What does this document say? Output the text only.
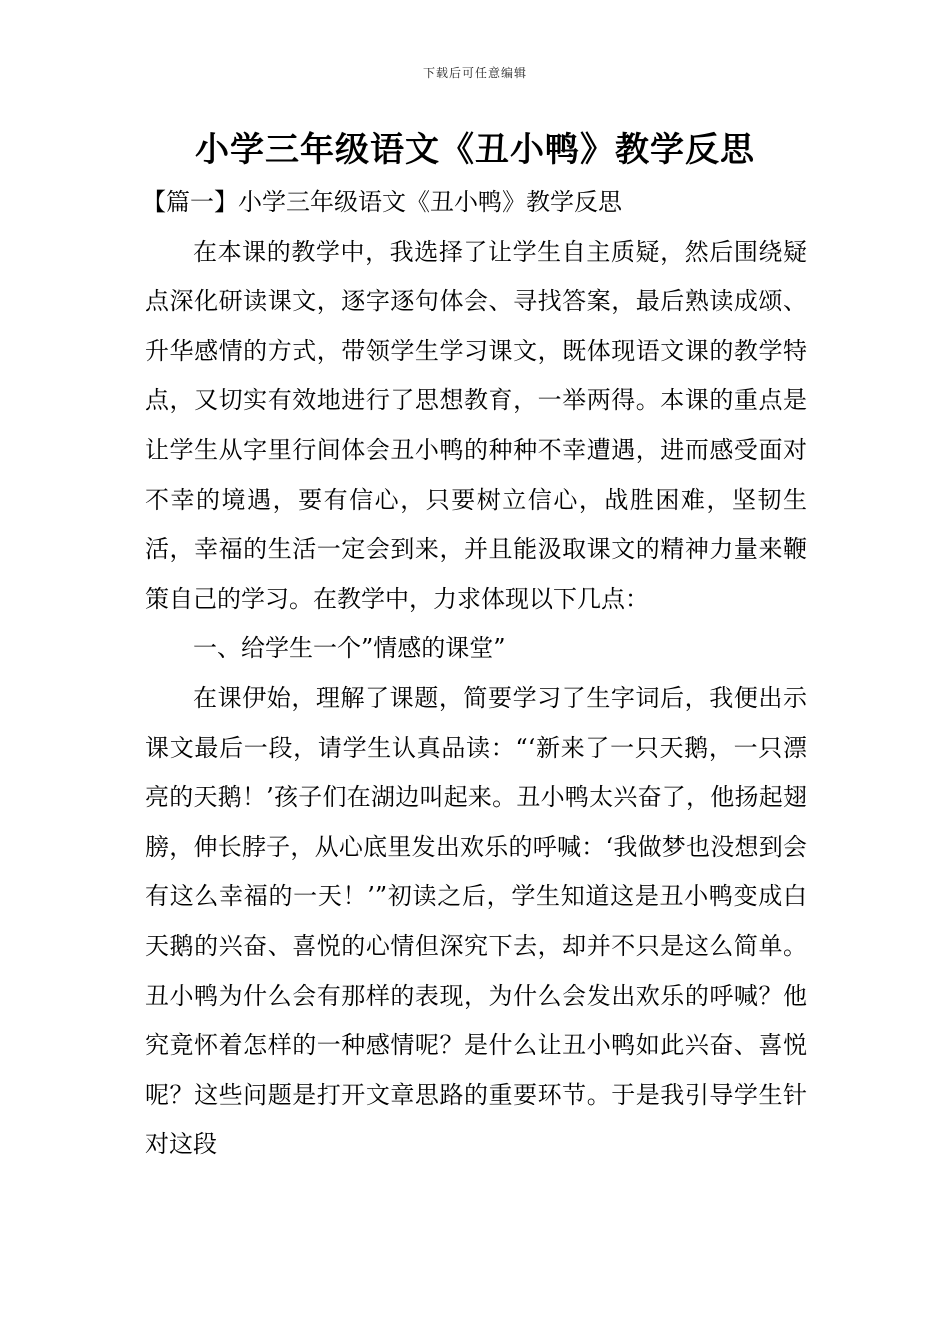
下载后可任意编辑
小学三年级语文《丑小鸭》教学反思

【篇一】小学三年级语文《丑小鸭》教学反思

在本课的教学中，我选择了让学生自主质疑，然后围绕疑点深化研读课文，逐字逐句体会、寻找答案，最后熟读成颂、升华感情的方式，带领学生学习课文，既体现语文课的教学特点，又切实有效地进行了思想教育，一举两得。本课的重点是让学生从字里行间体会丑小鸭的种种不幸遭遇，进而感受面对不幸的境遇，要有信心，只要树立信心，战胜困难，坚韧生活，幸福的生活一定会到来，并且能汲取课文的精神力量来鞭策自己的学习。在教学中，力求体现以下几点：

一、给学生一个”情感的课堂”

在课伊始，理解了课题，简要学习了生字词后，我便出示课文最后一段，请学生认真品读：“‘新来了一只天鹅，一只漂亮的天鹅！’孩子们在湖边叫起来。丑小鸭太兴奋了，他扬起翅膀，伸长脖子，从心底里发出欢乐的呼喊：‘我做梦也没想到会有这么幸福的一天！’”初读之后，学生知道这是丑小鸭变成白天鹅的兴奋、喜悦的心情但深究下去，却并不只是这么简单。丑小鸭为什么会有那样的表现，为什么会发出欢乐的呼喊？他究竟怀着怎样的一种感情呢？是什么让丑小鸭如此兴奋、喜悦呢？这些问题是打开文章思路的重要环节。于是我引导学生针对这段
